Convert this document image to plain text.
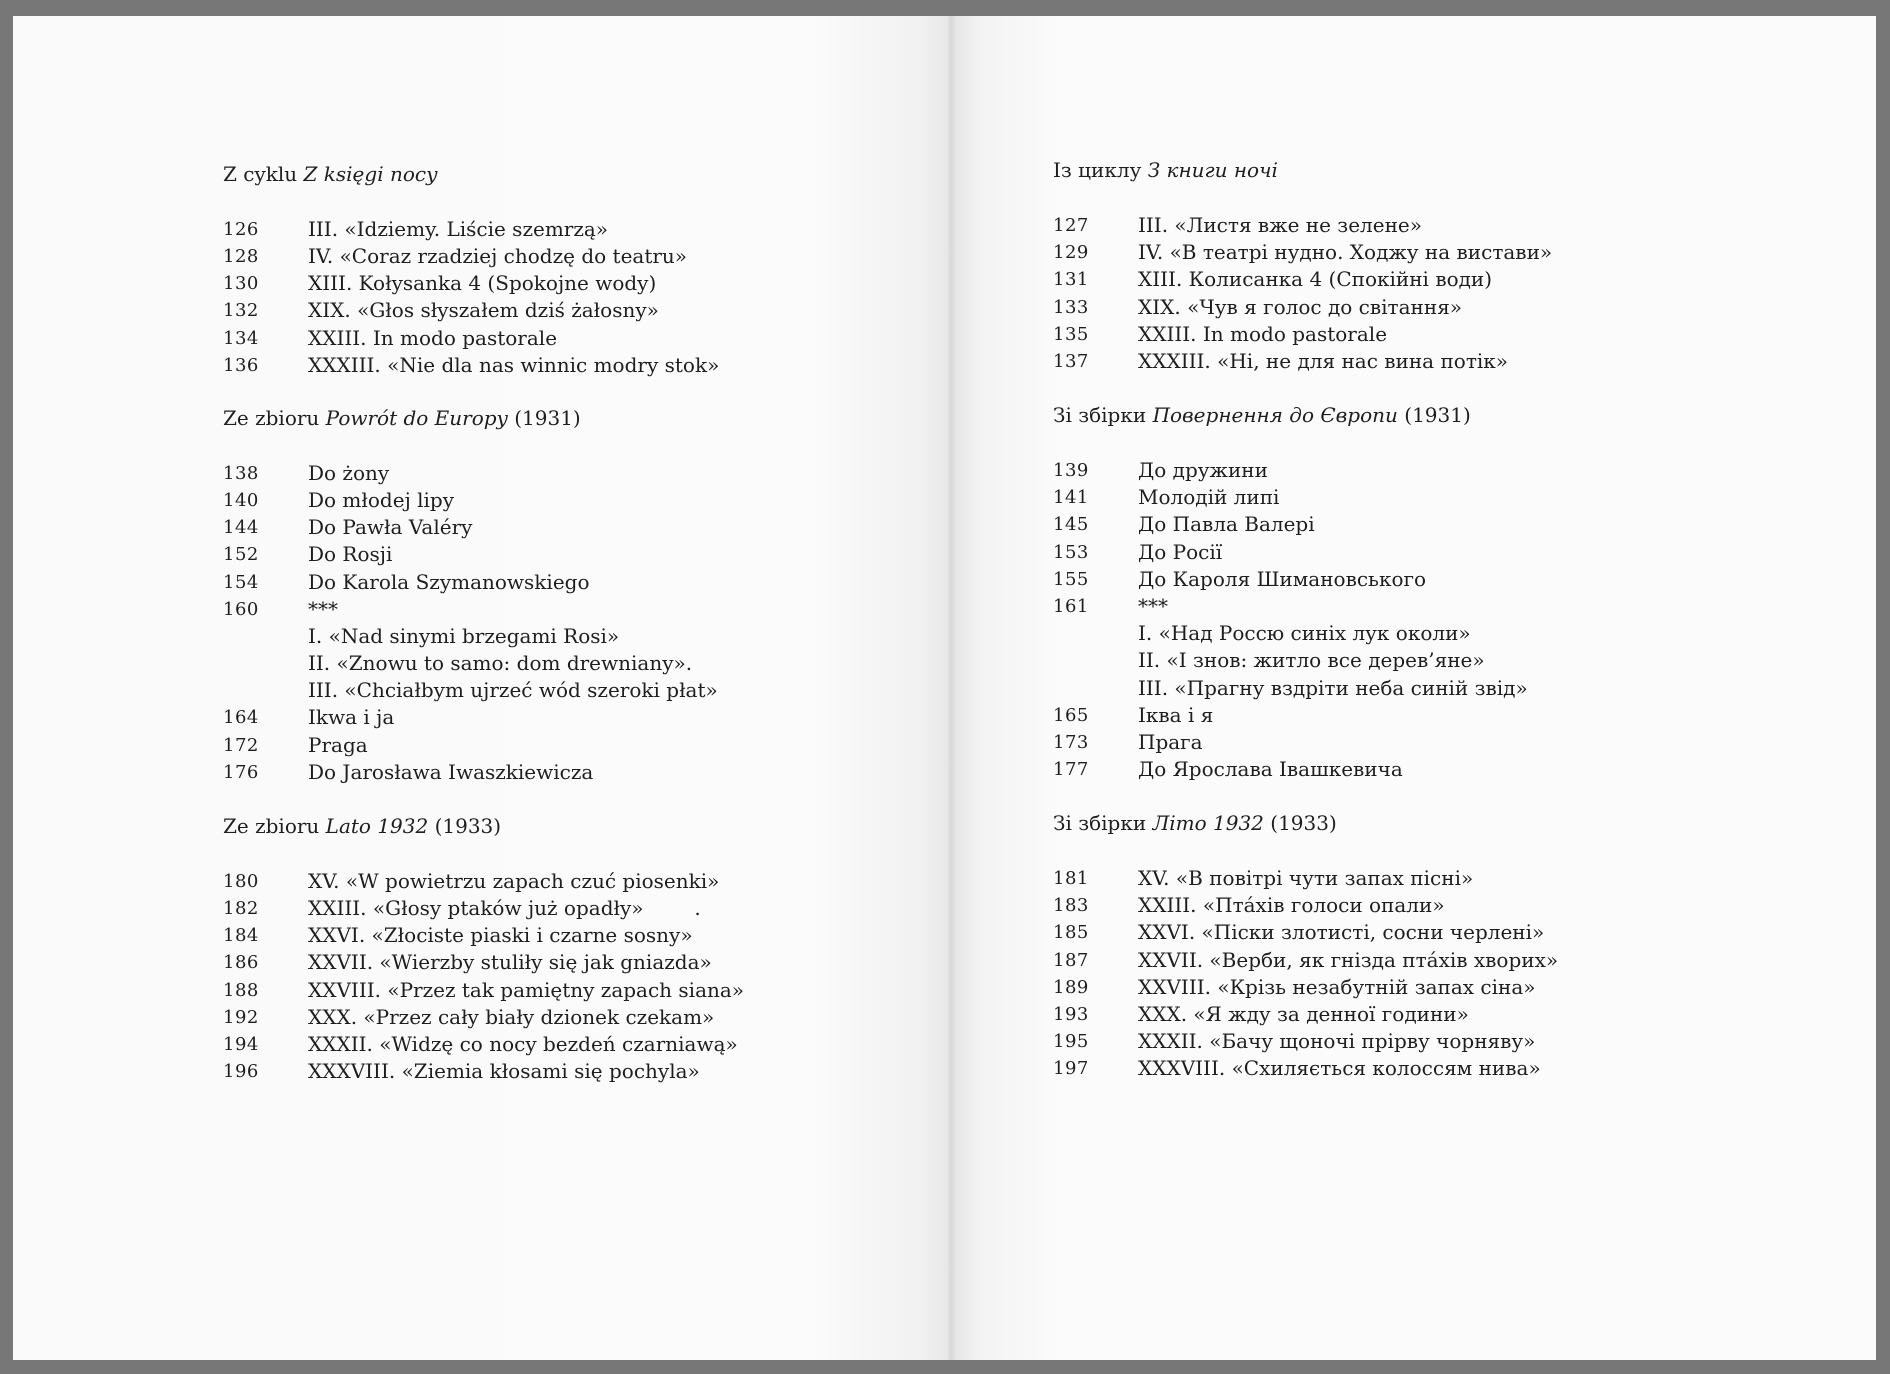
Z cyklu Z księgi nocy
126 III. «Idziemy. Liście szemrzą»
128 IV. «Coraz rzadziej chodzę do teatru»
130 XIII. Kołysanka 4 (Spokojne wody)
132 XIX. «Głos słyszałem dziś żałosny»
134 XXIII. In modo pastorale
136 XXXIII. «Nie dla nas winnic modry stok»
Ze zbioru Powrót do Europy (1931)
138 Do żony
140 Do młodej lipy
144 Do Pawła Valéry
152 Do Rosji
154 Do Karola Szymanowskiego
160 ***
I. «Nad sinymi brzegami Rosi»
II. «Znowu to samo: dom drewniany».
III. «Chciałbym ujrzeć wód szeroki płat»
164 Ikwa i ja
172 Praga
176 Do Jarosława Iwaszkiewicza
Ze zbioru Lato 1932 (1933)
180 XV. «W powietrzu zapach czuć piosenki»
182 XXIII. «Głosy ptaków już opadły»        .
184 XXVI. «Złociste piaski i czarne sosny»
186 XXVII. «Wierzby stuliły się jak gniazda»
188 XXVIII. «Przez tak pamiętny zapach siana»
192 XXX. «Przez cały biały dzionek czekam»
194 XXXII. «Widzę co nocy bezdeń czarniawą»
196 XXXVIII. «Ziemia kłosami się pochyla»
Із циклу З книги ночі
127 III. «Листя вже не зелене»
129 IV. «В театрі нудно. Ходжу на вистави»
131 XIII. Колисанка 4 (Спокійні води)
133 XIX. «Чув я голос до світання»
135 XXIII. In modo pastorale
137 XXXIII. «Ні, не для нас вина потік»
Зі збірки Повернення до Європи (1931)
139 До дружини
141 Молодій липі
145 До Павла Валері
153 До Росії
155 До Кароля Шимановського
161 ***
I. «Над Россю синіх лук околи»
II. «І знов: житло все дерев’яне»
III. «Прагну вздріти неба синій звід»
165 Іква і я
173 Прага
177 До Ярослава Івашкевича
Зі збірки Літо 1932 (1933)
181 XV. «В повітрі чути запах пісні»
183 XXIII. «Птáхів голоси опали»
185 XXVI. «Піски злотисті, сосни черлені»
187 XXVII. «Верби, як гнізда птáхів хворих»
189 XXVIII. «Крізь незабутній запах сіна»
193 XXX. «Я жду за денної години»
195 XXXII. «Бачу щоночі прірву чорняву»
197 XXXVIII. «Схиляється колоссям нива»
